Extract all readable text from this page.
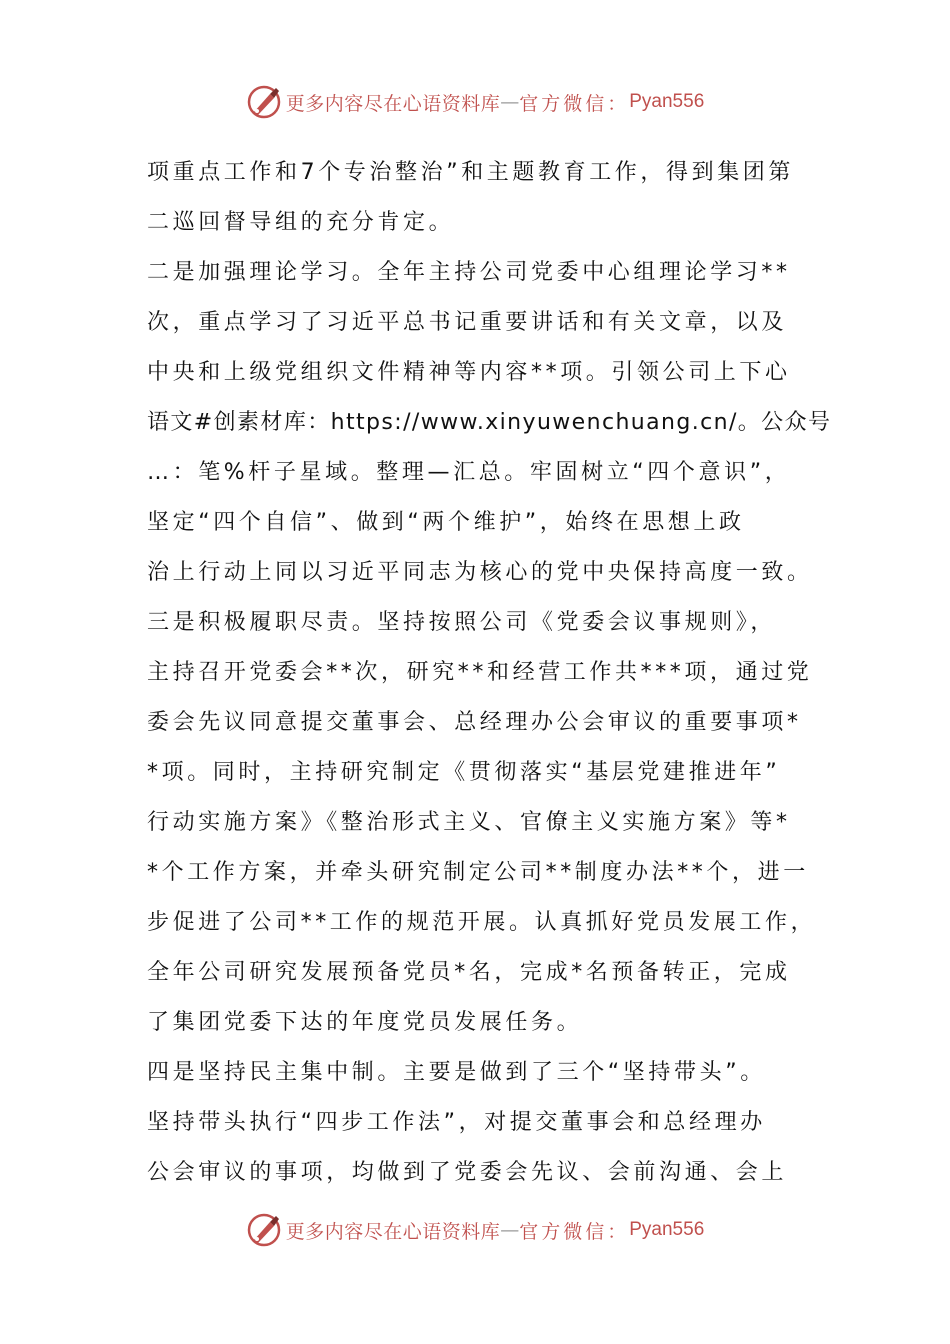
更多内容尽在心语资料库 — 官方微信： Pyan556
项重点工作和7个专治整治”和主题教育工作，得到集团第
二巡回督导组的充分肯定。
二是加强理论学习。全年主持公司党委中心组理论学习**
次，重点学习了习近平总书记重要讲话和有关文章，以及
中央和上级党组织文件精神等内容**项。引领公司上下心
语文#创素材库：https://www.xinyuwenchuang.cn/。公众号
…：笔%杆子星域。整理—汇总。牢固树立“四个意识”，
坚定“四个自信”、做到“两个维护”，始终在思想上政
治上行动上同以习近平同志为核心的党中央保持高度一致。
三是积极履职尽责。坚持按照公司《党委会议事规则》，
主持召开党委会**次，研究**和经营工作共***项，通过党
委会先议同意提交董事会、总经理办公会审议的重要事项*
*项。同时，主持研究制定《贯彻落实“基层党建推进年”
行动实施方案》《整治形式主义、官僚主义实施方案》等*
*个工作方案，并牵头研究制定公司**制度办法**个，进一
步促进了公司**工作的规范开展。认真抓好党员发展工作，
全年公司研究发展预备党员*名，完成*名预备转正，完成
了集团党委下达的年度党员发展任务。
四是坚持民主集中制。主要是做到了三个“坚持带头”。
坚持带头执行“四步工作法”，对提交董事会和总经理办
公会审议的事项，均做到了党委会先议、会前沟通、会上
更多内容尽在心语资料库 — 官方微信： Pyan556
